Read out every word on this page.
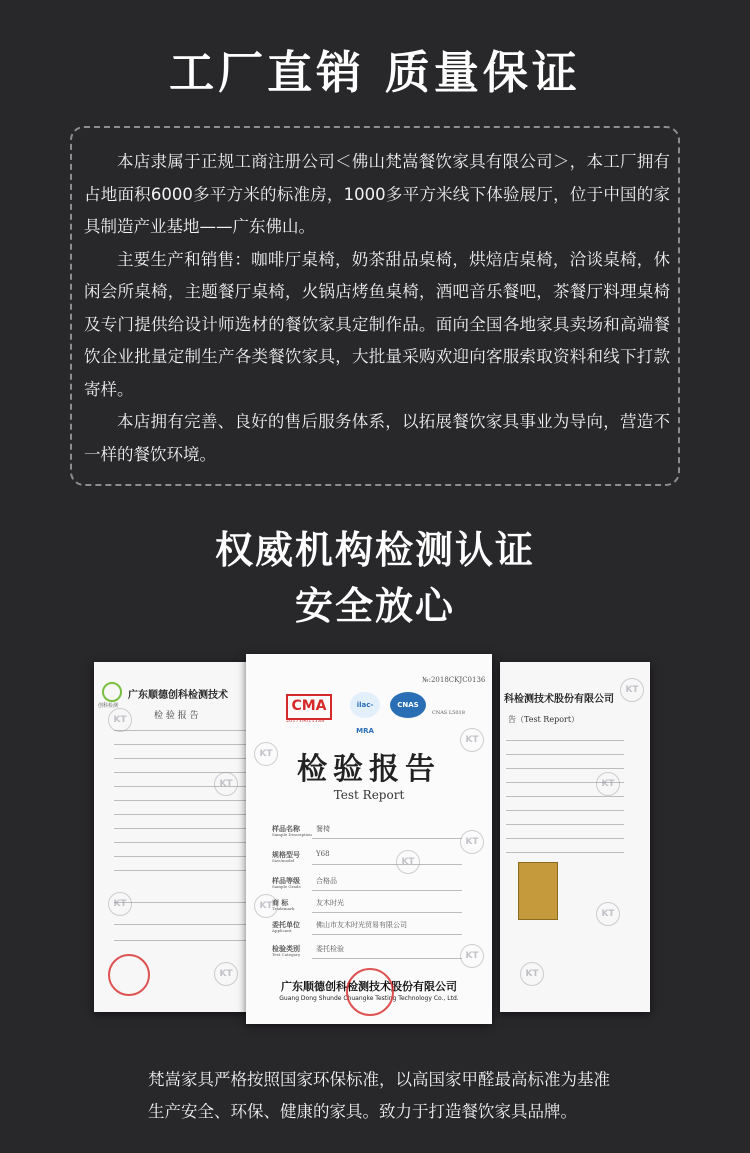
工厂直销 质量保证

本店隶属于正规工商注册公司＜佛山梵嵩餐饮家具有限公司＞，本工厂拥有占地面积6000多平方米的标准房，1000多平方米线下体验展厅，位于中国的家具制造产业基地——广东佛山。

主要生产和销售：咖啡厅桌椅，奶茶甜品桌椅，烘焙店桌椅，洽谈桌椅，休闲会所桌椅，主题餐厅桌椅，火锅店烤鱼桌椅，酒吧音乐餐吧，茶餐厅料理桌椅及专门提供给设计师选材的餐饮家具定制作品。面向全国各地家具卖场和高端餐饮企业批量定制生产各类餐饮家具，大批量采购欢迎向客服索取资料和线下打款寄样。

本店拥有完善、良好的售后服务体系，以拓展餐饮家具事业为导向，营造不一样的餐饮环境。

权威机构检测认证
安全放心
创科检测
广东顺德创科检测技术
检 验 报 告
KT
KT
KT
KT
科检测技术股份有限公司
告（Test Report）
KT
KT
KT
KT
№:2018CKJC0136
CMA
2017190111S8
ilac-MRA
CNAS
CNAS L5018
检验报告
Test Report
样品名称
Sample Description
餐椅
规格型号
Size/model
Y68
样品等级
Sample Grade
合格品
商 标
Trademark
友木时光
委托单位
Applicant
佛山市友木时光贸易有限公司
检验类别
Test Category
委托检验
广东顺德创科检测技术股份有限公司
Guang Dong Shunde Chuangke Testing Technology Co., Ltd.
KT
KT
KT
KT
KT
KT

梵嵩家具严格按照国家环保标准，以高国家甲醛最高标准为基准

生产安全、环保、健康的家具。致力于打造餐饮家具品牌。
